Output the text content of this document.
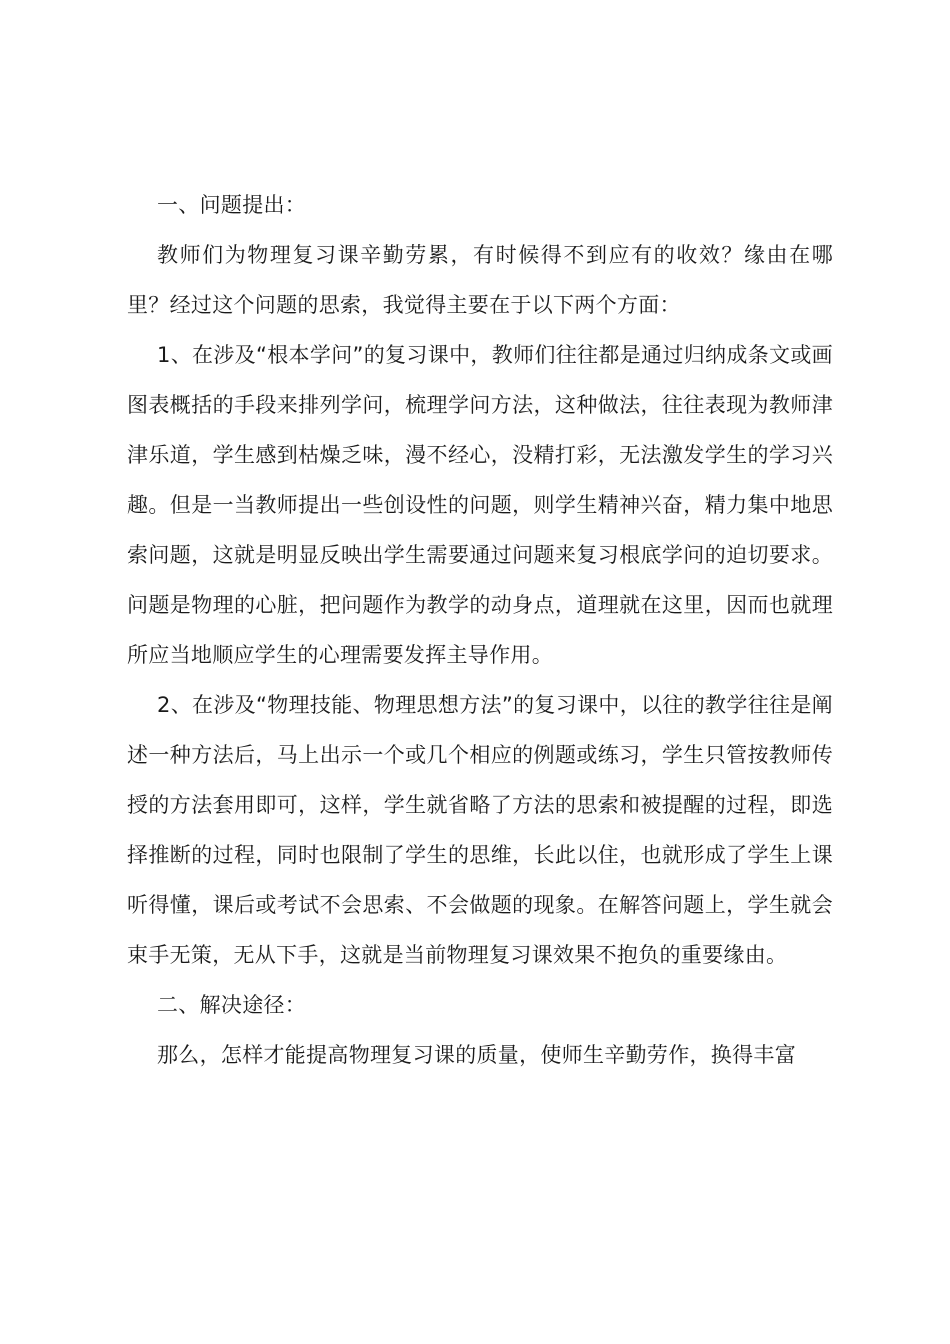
一、问题提出：

教师们为物理复习课辛勤劳累，有时候得不到应有的收效？缘由在哪里？经过这个问题的思索，我觉得主要在于以下两个方面：

1、在涉及“根本学问”的复习课中，教师们往往都是通过归纳成条文或画图表概括的手段来排列学问，梳理学问方法，这种做法，往往表现为教师津津乐道，学生感到枯燥乏味，漫不经心，没精打彩，无法激发学生的学习兴趣。但是一当教师提出一些创设性的问题，则学生精神兴奋，精力集中地思索问题，这就是明显反映出学生需要通过问题来复习根底学问的迫切要求。问题是物理的心脏，把问题作为教学的动身点，道理就在这里，因而也就理所应当地顺应学生的心理需要发挥主导作用。

2、在涉及“物理技能、物理思想方法”的复习课中，以往的教学往往是阐述一种方法后，马上出示一个或几个相应的例题或练习，学生只管按教师传授的方法套用即可，这样，学生就省略了方法的思索和被提醒的过程，即选择推断的过程，同时也限制了学生的思维，长此以住，也就形成了学生上课听得懂，课后或考试不会思索、不会做题的现象。在解答问题上，学生就会束手无策，无从下手，这就是当前物理复习课效果不抱负的重要缘由。

二、解决途径：

那么，怎样才能提高物理复习课的质量，使师生辛勤劳作，换得丰富
